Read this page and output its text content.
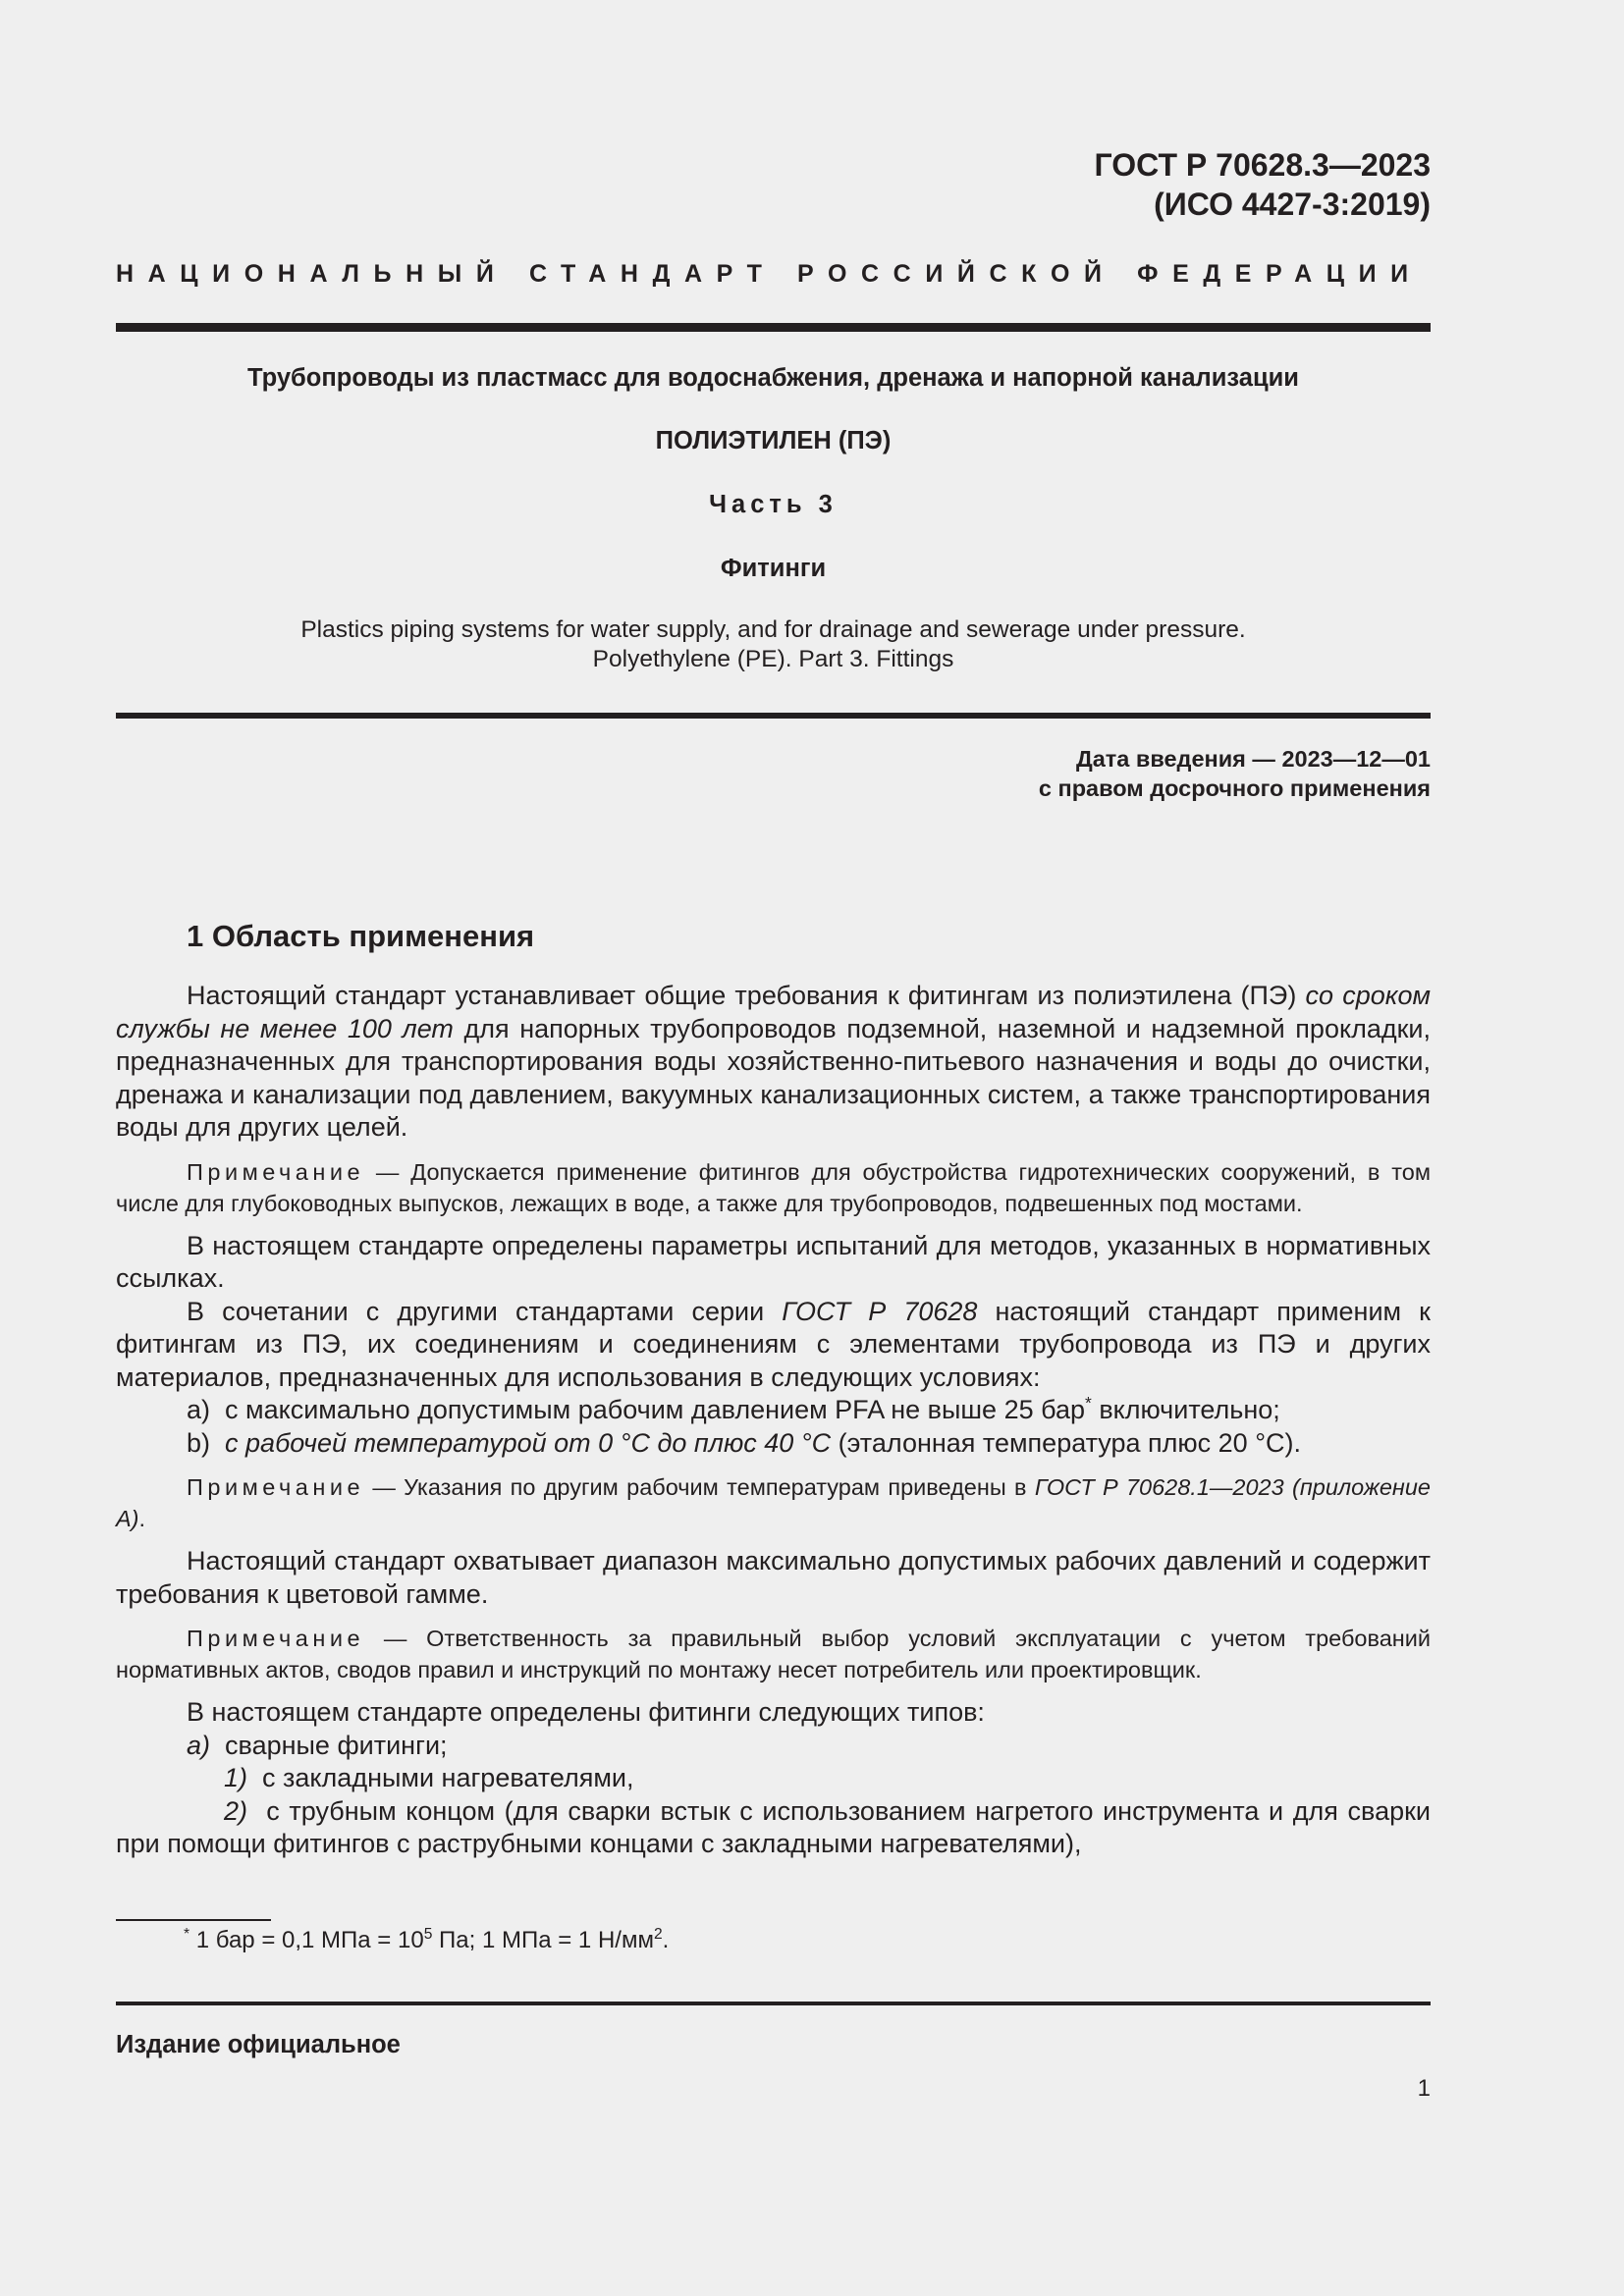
ГОСТ Р 70628.3—2023
(ИСО 4427-3:2019)
НАЦИОНАЛЬНЫЙ СТАНДАРТ РОССИЙСКОЙ ФЕДЕРАЦИИ
Трубопроводы из пластмасс для водоснабжения, дренажа и напорной канализации
ПОЛИЭТИЛЕН (ПЭ)
Часть 3
Фитинги
Plastics piping systems for water supply, and for drainage and sewerage under pressure.
Polyethylene (PE). Part 3. Fittings
Дата введения — 2023—12—01
с правом досрочного применения
1 Область применения

Настоящий стандарт устанавливает общие требования к фитингам из полиэтилена (ПЭ) со сроком службы не менее 100 лет для напорных трубопроводов подземной, наземной и надземной прокладки, предназначенных для транспортирования воды хозяйственно-питьевого назначения и воды до очистки, дренажа и канализации под давлением, вакуумных канализационных систем, а также транспортирования воды для других целей.

Примечание — Допускается применение фитингов для обустройства гидротехнических сооружений, в том числе для глубоководных выпусков, лежащих в воде, а также для трубопроводов, подвешенных под мостами.

В настоящем стандарте определены параметры испытаний для методов, указанных в нормативных ссылках.

В сочетании с другими стандартами серии ГОСТ Р 70628 настоящий стандарт применим к фитингам из ПЭ, их соединениям и соединениям с элементами трубопровода из ПЭ и других материалов, предназначенных для использования в следующих условиях:

a) с максимально допустимым рабочим давлением PFA не выше 25 бар* включительно;

b) с рабочей температурой от 0 °C до плюс 40 °C (эталонная температура плюс 20 °C).

Примечание — Указания по другим рабочим температурам приведены в ГОСТ Р 70628.1—2023 (приложение А).

Настоящий стандарт охватывает диапазон максимально допустимых рабочих давлений и содержит требования к цветовой гамме.

Примечание — Ответственность за правильный выбор условий эксплуатации с учетом требований нормативных актов, сводов правил и инструкций по монтажу несет потребитель или проектировщик.

В настоящем стандарте определены фитинги следующих типов:

а) сварные фитинги;

1) с закладными нагревателями,

2) с трубным концом (для сварки встык с использованием нагретого инструмента и для сварки при помощи фитингов с раструбными концами с закладными нагревателями),

* 1 бар = 0,1 МПа = $10^5$ Па; 1 МПа = 1 $Н/мм^2$.
Издание официальное
1
